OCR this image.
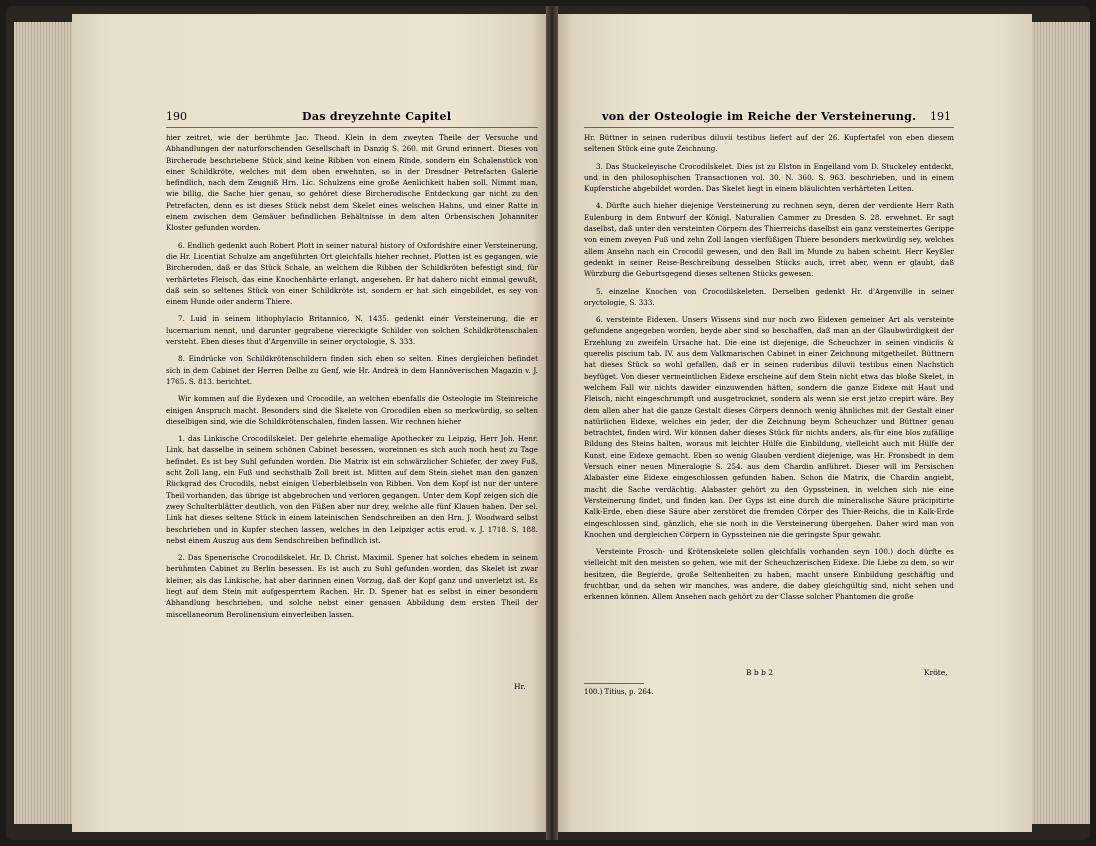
190	Das dreyzehnte Capitel	von der Osteologie im Reiche der Versteinerung. 191

hier zeitret, wie der berühmte Jac. Theod. Klein in dem zweyten Theile der Versuche und Abhandlungen der naturforschenden Gesellschaft in Danzig S. 260. mit Grund erinnert. Dieses von Bircherode beschriebene Stück sind keine Ribben von einem Rinde, sondern ein Schalenstück von einer Schildkröte, welches mit dem oben erwehnten, so in der Dresdner Petrefacten Galerie befindlich, nach dem Zeugniß Hrn. Lic. Schulzens eine große Aenlichkeit haben soll. Nimmt man, wie billig, die Sache hier genau, so gehöret diese Bircherodische Entdeckung gar nicht zu den Petrefacten, denn es ist dieses Stück nebst dem Skelet eines welschen Hahns, und einer Ratte in einem zwischen dem Gemäuer befindlichen Behältnisse in dem alten Orbensischen Johanniter Kloster gefunden worden.

6. Endlich gedenkt auch Robert Plott in seiner natural history of Oxfordshire einer Versteinerung, die Hr. Licentiat Schulze am angeführten Ort gleichfalls hieher rechnet. Plotten ist es gegangen, wie Bircheroden, daß er das Stück Schale, an welchem die Ribben der Schildkröten befestigt sind, für verhärtetes Fleisch, das eine Knochenhärte erlangt, angesehen. Er hat dahero nicht einmal gewußt, daß sein so seltenes Stück von einer Schildkröte ist, sondern er hat sich eingebildet, es sey von einem Hunde oder anderm Thiere.

7. Luid in seinem lithophylacio Britannico, N. 1435. gedenkt einer Versteinerung, die er lucernarium nennt, und darunter gegrabene viereckigte Schilder von solchen Schildkrötenschalen versteht. Eben dieses thut d'Argenville in seiner oryctologie, S. 333.

8. Eindrücke von Schildkrötenschildern finden sich eben so selten. Eines dergleichen befindet sich in dem Cabinet der Herren Delhe zu Genf, wie Hr. Andreä in dem Hannöverischen Magazin v. J. 1765. S. 813. berichtet.

Wir kommen auf die Eydexen und Crocodile, an welchen ebenfalls die Osteologie im Steinreiche einigen Anspruch macht. Besonders sind die Skelete von Crocodilen eben so merkwürdig, so selten dieselbigen sind, wie die Schildkrötenschalen, finden lassen. Wir rechnen hieher

1. das Linkische Crocodilskelet. Der gelehrte ehemalige Apothecker zu Leipzig, Herr Joh. Henr. Link, hat dasselbe in seinem schönen Cabinet besessen, woreinnen es sich auch noch heut zu Tage befindet. Es ist bey Suhl gefunden worden. Die Matrix ist ein schwärzlicher Schiefer, der zwey Fuß, acht Zoll lang, ein Fuß und sechsthalb Zoll breit ist. Mitten auf dem Stein siehet man den ganzen Rückgrad des Crocodils, nebst einigen Ueberbleibseln von Ribben. Von dem Kopf ist nur der untere Theil vorhanden, das übrige ist abgebrochen und verloren gegangen. Unter dem Kopf zeigen sich die zwey Schulterblätter deutlich, von den Füßen aber nur drey, welche alle fünf Klauen haben. Der sel. Link hat dieses seltene Stück in einem lateinischen Sendschreiben an den Hrn. J. Woodward selbst beschrieben und in Kupfer stechen lassen, welches in den Leipziger actis erud. v. J. 1718. S. 188. nebst einem Auszug aus dem Sendschreiben befindlich ist.

2. Das Spenerische Crocodilskelet. Hr. D. Christ. Maximil. Spener hat solches ehedem in seinem berühmten Cabinet zu Berlin besessen. Es ist auch zu Suhl gefunden worden, das Skelet ist zwar kleiner, als das Linkische, hat aber darinnen einen Vorzug, daß der Kopf ganz und unverletzt ist. Es liegt auf dem Stein mit aufgesperrtem Rachen. Hr. D. Spener hat es selbst in einer besondern Abhandlung beschrieben, und solche nebst einer genauen Abbildung dem ersten Theil der miscellaneorum Berolinensium einverleiben lassen.

Hr.

Hr. Büttner in seinen ruderibus diluvii testibus liefert auf der 26. Kupfertafel von eben diesem seltenen Stück eine gute Zeichnung.

3. Das Stuckeleyische Crocodilskelet. Dies ist zu Elston in Engelland vom D. Stuckeley entdeckt, und in den philosophischen Transactionen vol. 30. N. 360. S. 963. beschrieben, und in einem Kupferstiche abgebildet worden. Das Skelet liegt in einem bläulichten verhärteten Letten.

4. Dürfte auch hieher diejenige Versteinerung zu rechnen seyn, deren der verdiente Herr Rath Eulenburg in dem Entwurf der Königl. Naturalien Cammer zu Dresden S. 28. erwehnet. Er sagt daselbst, daß unter den versteinten Cörpern des Thierreichs daselbst ein ganz versteinertes Gerippe von einem zweyen Fuß und zehn Zoll langen vierfüßigen Thiere besonders merkwürdig sey, welches allem Ansehn nach ein Crocodil gewesen, und den Ball im Munde zu haben scheint. Herr Keyßler gedenkt in seiner Reise-Beschreibung desselben Stücks auch, irret aber, wenn er glaubt, daß Würzburg die Geburtsgegend dieses seltenen Stücks gewesen.

5. einzelne Knochen von Crocodilskeleten. Derselben gedenkt Hr. d'Argenville in seiner oryctologie, S. 333.

6. versteinte Eidexen. Unsers Wissens sind nur noch zwo Eidexen gemeiner Art als versteinte gefundene angegeben worden, beyde aber sind so beschaffen, daß man an der Glaubwürdigkeit der Erzehlung zu zweifeln Ursache hat. Die eine ist diejenige, die Scheuchzer in seinen vindiciis & querelis piscium tab. IV. aus dem Valkmarischen Cabinet in einer Zeichnung mitgetheilet. Büttnern hat dieses Stück so wohl gefallen, daß er in seinen ruderibus diluvii testibus einen Nachstich beyfüget. Von dieser vermeintlichen Eidexe erscheine auf dem Stein nicht etwa das bloße Skelet, in welchem Fall wir nichts dawider einzuwenden hätten, sondern die ganze Eidexe mit Haut und Fleisch, nicht eingeschrumpft und ausgetrocknet, sondern als wenn sie erst jetzo crepirt wäre. Bey dem allen aber hat die ganze Gestalt dieses Cörpers dennoch wenig ähnliches mit der Gestalt einer natürlichen Eidexe, welches ein jeder, der die Zeichnung beym Scheuchzer und Büttner genau betrachtet, finden wird. Wir können daher dieses Stück für nichts anders, als für eine blos zufällige Bildung des Steins halten, woraus mit leichter Hülfe die Einbildung, vielleicht auch mit Hülfe der Kunst, eine Eidexe gemacht. Eben so wenig Glauben verdient diejenige, was Hr. Fronsbedt in dem Versuch einer neuen Mineralogie S. 254. aus dem Chardin anführet. Dieser will im Persischen Alabaster eine Eidexe eingeschlossen gefunden haben. Schon die Matrix, die Chardin angiebt, macht die Sache verdächtig. Alabaster gehört zu den Gypssteinen, in welchen sich nie eine Versteinerung findet, und finden kan. Der Gyps ist eine durch die mineralische Säure präcipitirte Kalk-Erde, eben diese Säure aber zerstöret die fremden Cörper des Thier-Reichs, die in Kalk-Erde eingeschlossen sind, gänzlich, ehe sie noch in die Versteinerung übergehen. Daher wird man von Knochen und dergleichen Cörpern in Gypssteinen nie die geringste Spur gewahr.

Versteinte Frosch- und Krötenskelete sollen gleichfalls vorhanden seyn 100.) doch dürfte es vielleicht mit den meisten so gehen, wie mit der Scheuchzerischen Eidexe. Die Liebe zu dem, so wir besitzen, die Begierde, große Seltenheiten zu haben, macht unsere Einbildung geschäftig und fruchtbar, und da sehen wir manches, was andere, die dabey gleichgültig sind, nicht sehen und erkennen können. Allem Ansehen nach gehört zu der Classe solcher Phantomen die große

B b b 2	Kröte,
100.) Titius, p. 264.
